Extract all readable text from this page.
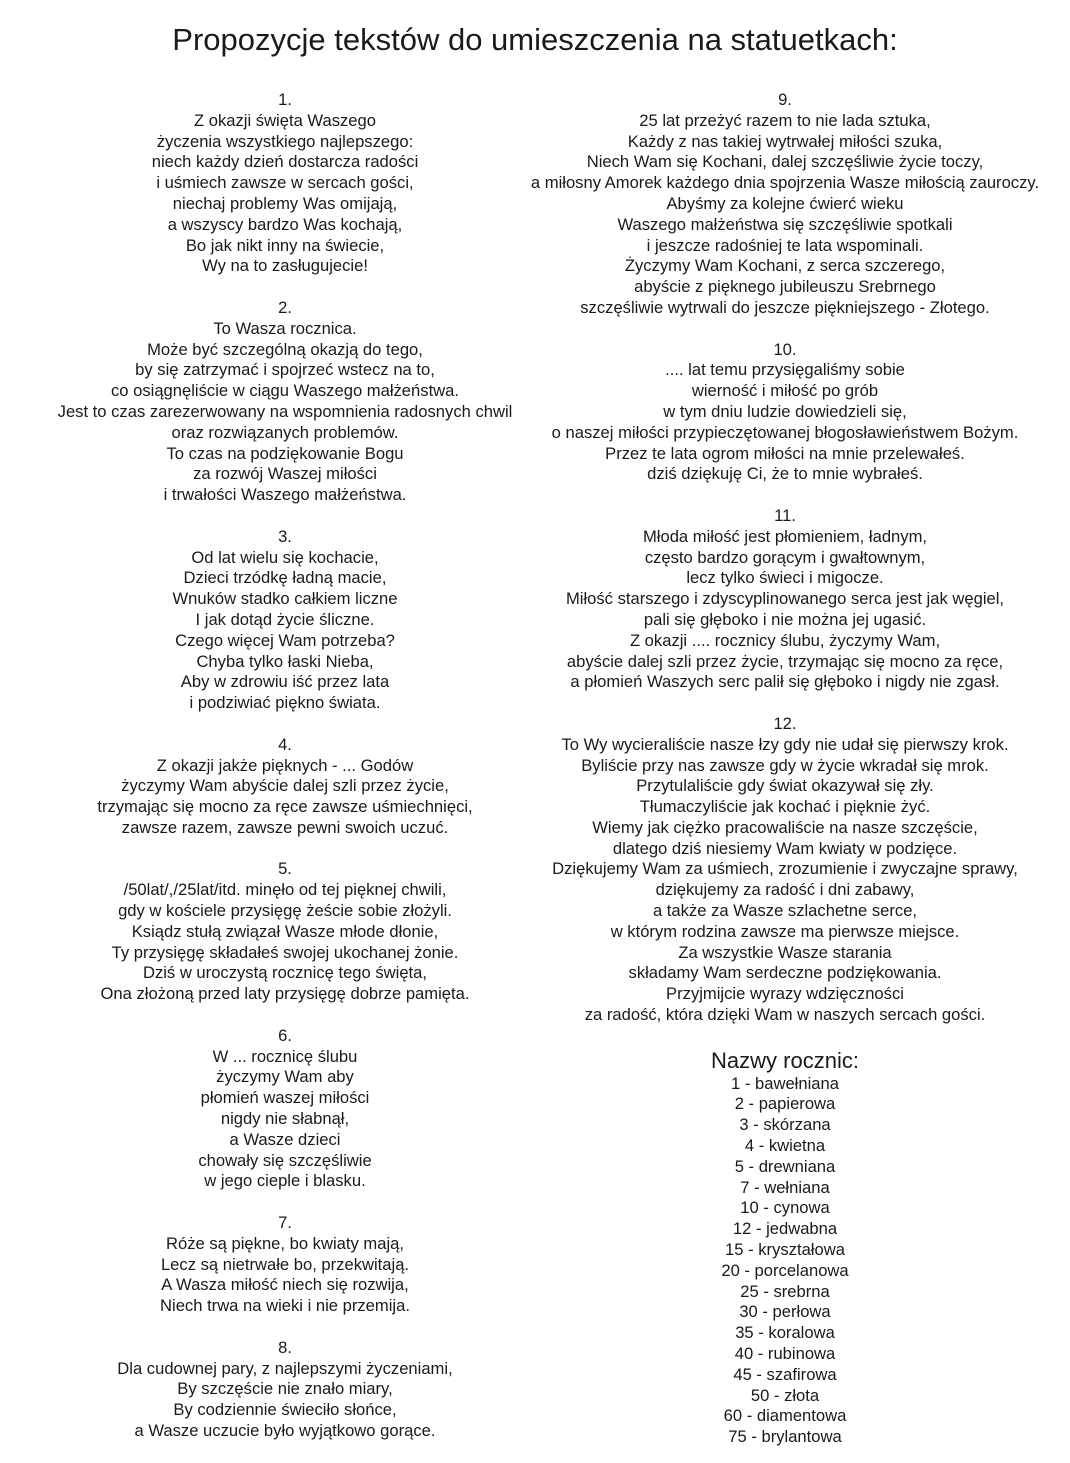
Propozycje tekstów do umieszczenia na statuetkach:
1.
Z okazji święta Waszego
życzenia wszystkiego najlepszego:
niech każdy dzień dostarcza radości
i uśmiech zawsze w sercach gości,
niechaj problemy Was omijają,
a wszyscy bardzo Was kochają,
Bo jak nikt inny na świecie,
Wy na to zasługujecie!
2.
To Wasza rocznica.
Może być szczególną okazją do tego,
by się zatrzymać i spojrzeć wstecz na to,
co osiągnęliście w ciągu Waszego małżeństwa.
Jest to czas zarezerwowany na wspomnienia radosnych chwil
oraz rozwiązanych problemów.
To czas na podziękowanie Bogu
za rozwój Waszej miłości
i trwałości Waszego małżeństwa.
3.
Od lat wielu się kochacie,
Dzieci trzódkę ładną macie,
Wnuków stadko całkiem liczne
I jak dotąd życie śliczne.
Czego więcej Wam potrzeba?
Chyba tylko łaski Nieba,
Aby w zdrowiu iść przez lata
i podziwiać piękno świata.
4.
Z okazji jakże pięknych - ... Godów
życzymy Wam abyście dalej szli przez życie,
trzymając się mocno za ręce zawsze uśmiechnięci,
zawsze razem, zawsze pewni swoich uczuć.
5.
/50lat/,/25lat/itd. minęło od tej pięknej chwili,
gdy w kościele przysięgę żeście sobie złożyli.
Ksiądz stułą związał Wasze młode dłonie,
Ty przysięgę składałeś swojej ukochanej żonie.
Dziś w uroczystą rocznicę tego święta,
Ona złożoną przed laty przysięgę dobrze pamięta.
6.
W ... rocznicę ślubu
życzymy Wam aby
płomień waszej miłości
nigdy nie słabnął,
a Wasze dzieci
chowały się szczęśliwie
w jego cieple i blasku.
7.
Róże są piękne, bo kwiaty mają,
Lecz są nietrwałe bo, przekwitają.
A Wasza miłość niech się rozwija,
Niech trwa na wieki i nie przemija.
8.
Dla cudownej pary, z najlepszymi życzeniami,
By szczęście nie znało miary,
By codziennie świeciło słońce,
a Wasze uczucie było wyjątkowo gorące.
9.
25 lat przeżyć razem to nie lada sztuka,
Każdy z nas takiej wytrwałej miłości szuka,
Niech Wam się Kochani, dalej szczęśliwie życie toczy,
a miłosny Amorek każdego dnia spojrzenia Wasze miłością zauroczy.
Abyśmy za kolejne ćwierć wieku
Waszego małżeństwa się szczęśliwie spotkali
i jeszcze radośniej te lata wspominali.
Życzymy Wam Kochani, z serca szczerego,
abyście z pięknego jubileuszu Srebrnego
szczęśliwie wytrwali do jeszcze piękniejszego - Złotego.
10.
.... lat temu przysięgaliśmy sobie
wierność i miłość po grób
w tym dniu ludzie dowiedzieli się,
o naszej miłości przypieczętowanej błogosławieństwem Bożym.
Przez te lata ogrom miłości na mnie przelewałeś.
dziś dziękuję Ci, że to mnie wybrałeś.
11.
Młoda miłość jest płomieniem, ładnym,
często bardzo gorącym i gwałtownym,
lecz tylko świeci i migocze.
Miłość starszego i zdyscyplinowanego serca jest jak węgiel,
pali się głęboko i nie można jej ugasić.
Z okazji .... rocznicy ślubu, życzymy Wam,
abyście dalej szli przez życie, trzymając się mocno za ręce,
a płomień Waszych serc palił się głęboko i nigdy nie zgasł.
12.
To Wy wycieraliście nasze łzy gdy nie udał się pierwszy krok.
Byliście przy nas zawsze gdy w życie wkradał się mrok.
Przytulaliście gdy świat okazywał się zły.
Tłumaczyliście jak kochać i pięknie żyć.
Wiemy jak ciężko pracowaliście na nasze szczęście,
dlatego dziś niesiemy Wam kwiaty w podzięce.
Dziękujemy Wam za uśmiech, zrozumienie i zwyczajne sprawy,
dziękujemy za radość i dni zabawy,
a także za Wasze szlachetne serce,
w którym rodzina zawsze ma pierwsze miejsce.
Za wszystkie Wasze starania
składamy Wam serdeczne podziękowania.
Przyjmijcie wyrazy wdzięczności
za radość, która dzięki Wam w naszych sercach gości.
Nazwy rocznic:
1 - bawełniana
2 - papierowa
3 - skórzana
4 - kwietna
5 - drewniana
7 - wełniana
10 - cynowa
12 - jedwabna
15 - kryształowa
20 - porcelanowa
25 - srebrna
30 - perłowa
35 - koralowa
40 - rubinowa
45 - szafirowa
50 - złota
60 - diamentowa
75 - brylantowa
